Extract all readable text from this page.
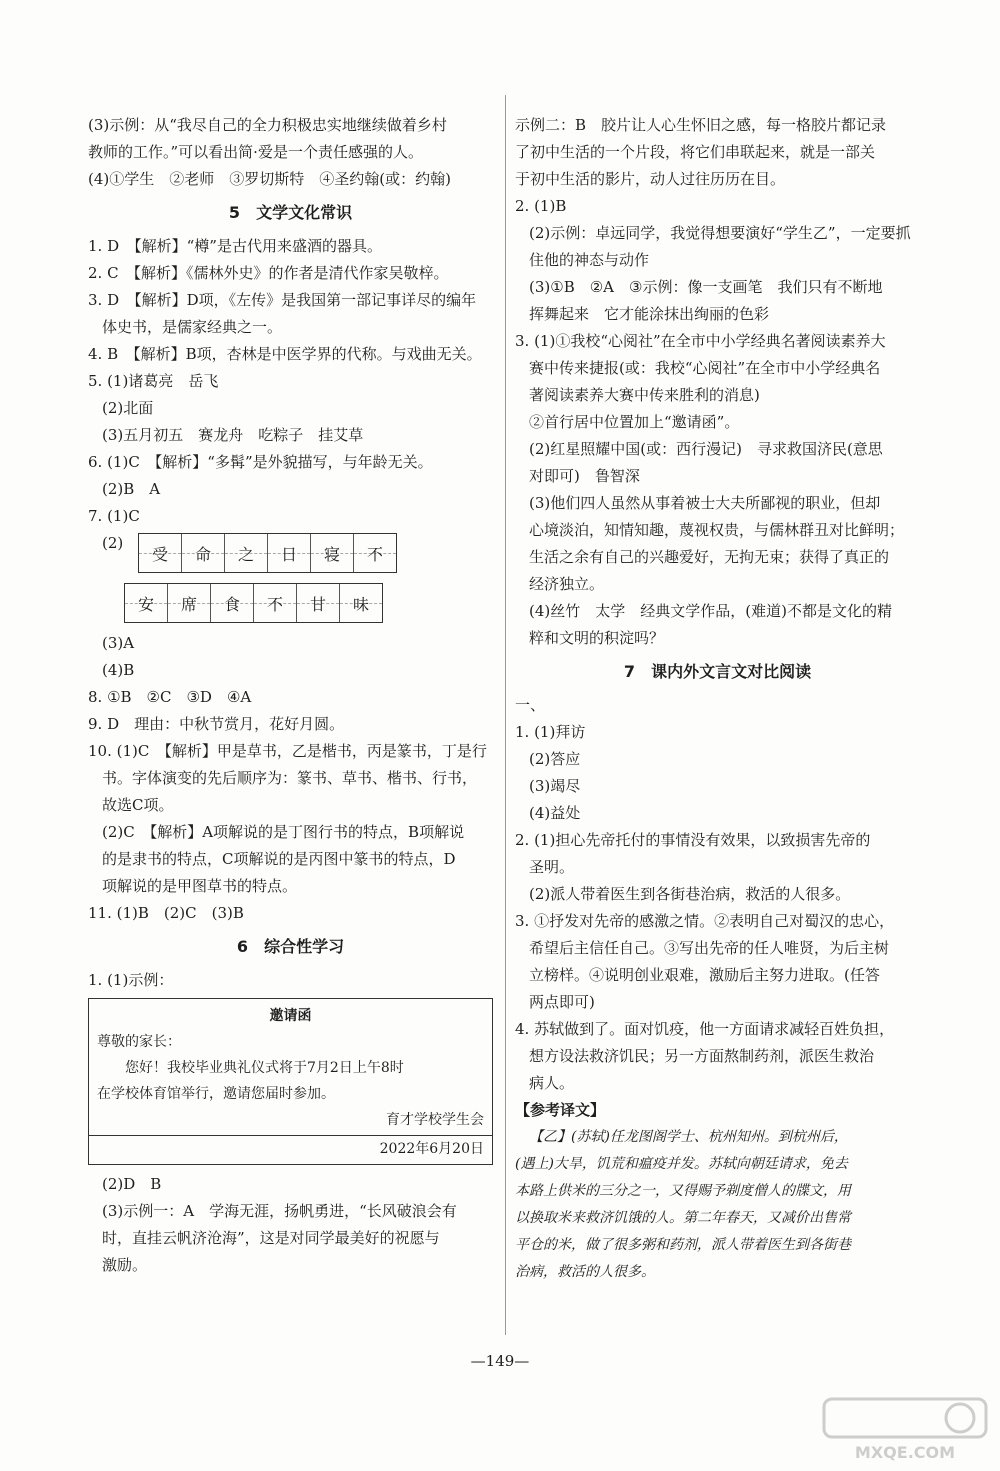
(3)示例：从“我尽自己的全力积极忠实地继续做着乡村
教师的工作。”可以看出简·爱是一个责任感强的人。
(4)①学生　②老师　③罗切斯特　④圣约翰(或：约翰)
5 文学文化常识
1. D　【解析】“樽”是古代用来盛酒的器具。
2. C　【解析】《儒林外史》的作者是清代作家吴敬梓。
3. D　【解析】D项，《左传》是我国第一部记事详尽的编年
体史书，是儒家经典之一。
4. B　【解析】B项，杏林是中医学界的代称。与戏曲无关。
5. (1)诸葛亮　岳飞
(2)北面
(3)五月初五　赛龙舟　吃粽子　挂艾草
6. (1)C　【解析】“多髯”是外貌描写，与年龄无关。
(2)B　A
7. (1)C
(2)
受 命 之 日 寝 不
安 席 食 不 甘 味
(3)A
(4)B
8. ①B　②C　③D　④A
9. D　理由：中秋节赏月，花好月圆。
10. (1)C　【解析】甲是草书，乙是楷书，丙是篆书，丁是行
书。字体演变的先后顺序为：篆书、草书、楷书、行书，
故选C项。
(2)C　【解析】A项解说的是丁图行书的特点，B项解说
的是隶书的特点，C项解说的是丙图中篆书的特点，D
项解说的是甲图草书的特点。
11. (1)B　(2)C　(3)B
6 综合性学习
1. (1)示例：
邀请函
尊敬的家长：
　　您好！我校毕业典礼仪式将于7月2日上午8时
在学校体育馆举行，邀请您届时参加。
育才学校学生会
2022年6月20日
(2)D　B
(3)示例一：A　学海无涯，扬帆勇进，“长风破浪会有
时，直挂云帆济沧海”，这是对同学最美好的祝愿与
激励。
示例二：B　胶片让人心生怀旧之感，每一格胶片都记录
了初中生活的一个片段，将它们串联起来，就是一部关
于初中生活的影片，动人过往历历在目。
2. (1)B
(2)示例：卓远同学，我觉得想要演好“学生乙”，一定要抓
住他的神态与动作
(3)①B　②A　③示例：像一支画笔　我们只有不断地
挥舞起来　它才能涂抹出绚丽的色彩
3. (1)①我校“心阅社”在全市中小学经典名著阅读素养大
赛中传来捷报(或：我校“心阅社”在全市中小学经典名
著阅读素养大赛中传来胜利的消息)
②首行居中位置加上“邀请函”。
(2)红星照耀中国(或：西行漫记)　寻求救国济民(意思
对即可)　鲁智深
(3)他们四人虽然从事着被士大夫所鄙视的职业，但却
心境淡泊，知情知趣，蔑视权贵，与儒林群丑对比鲜明；
生活之余有自己的兴趣爱好，无拘无束；获得了真正的
经济独立。
(4)丝竹　太学　经典文学作品，(难道)不都是文化的精
粹和文明的积淀吗？
7 课内外文言文对比阅读
一、
1. (1)拜访
(2)答应
(3)竭尽
(4)益处
2. (1)担心先帝托付的事情没有效果，以致损害先帝的
圣明。
(2)派人带着医生到各街巷治病，救活的人很多。
3. ①抒发对先帝的感激之情。②表明自己对蜀汉的忠心，
希望后主信任自己。③写出先帝的任人唯贤，为后主树
立榜样。④说明创业艰难，激励后主努力进取。(任答
两点即可)
4. 苏轼做到了。面对饥疫，他一方面请求减轻百姓负担，
想方设法救济饥民；另一方面熬制药剂，派医生救治
病人。
【参考译文】
【乙】(苏轼)任龙图阁学士、杭州知州。到杭州后，
(遇上)大旱，饥荒和瘟疫并发。苏轼向朝廷请求，免去
本路上供米的三分之一，又得赐予剃度僧人的牒文，用
以换取米来救济饥饿的人。第二年春天，又减价出售常
平仓的米，做了很多粥和药剂，派人带着医生到各街巷
治病，救活的人很多。
—149—
MXQE.COM
